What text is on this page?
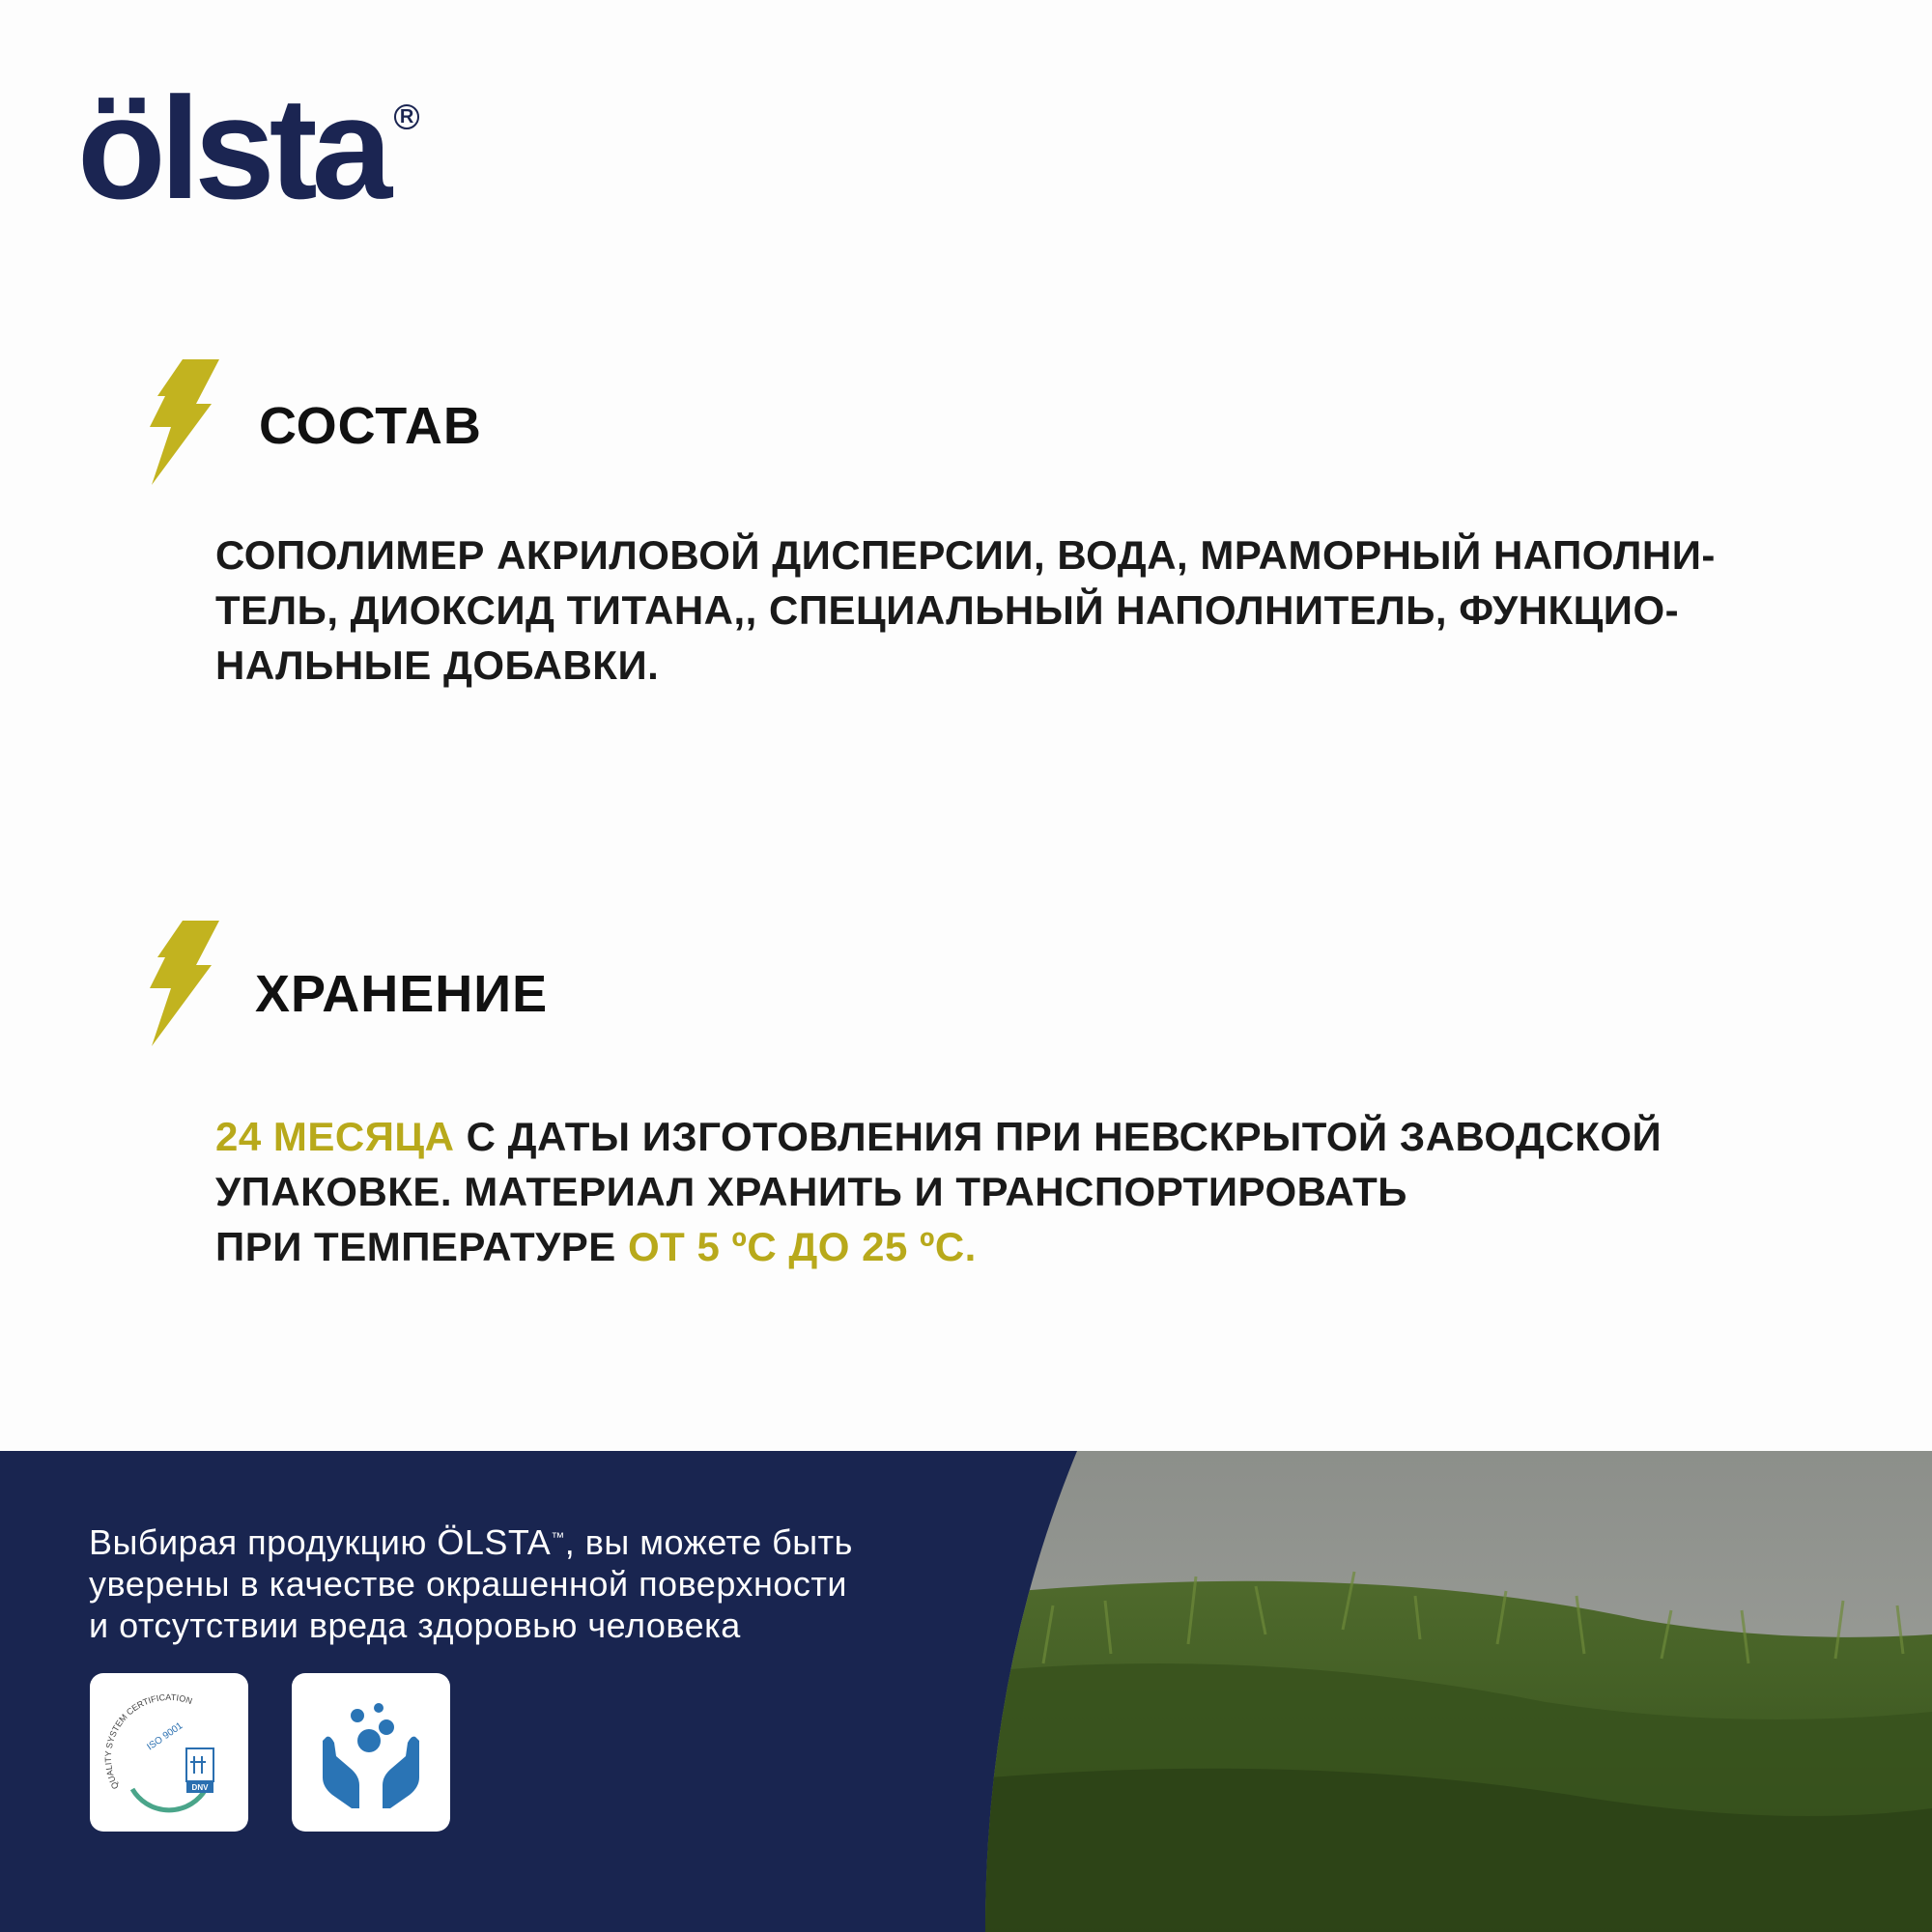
ölsta R
СОСТАВ
СОПОЛИМЕР АКРИЛОВОЙ ДИСПЕРСИИ, ВОДА, МРАМОРНЫЙ НАПОЛНИ-
ТЕЛЬ, ДИОКСИД ТИТАНА,, СПЕЦИАЛЬНЫЙ НАПОЛНИТЕЛЬ, ФУНКЦИО-
НАЛЬНЫЕ ДОБАВКИ.
ХРАНЕНИЕ
24 МЕСЯЦА С ДАТЫ ИЗГОТОВЛЕНИЯ ПРИ НЕВСКРЫТОЙ ЗАВОДСКОЙ
УПАКОВКЕ. МАТЕРИАЛ ХРАНИТЬ И ТРАНСПОРТИРОВАТЬ
ПРИ ТЕМПЕРАТУРЕ ОТ 5 ºС ДО 25 ºС.
Выбирая продукцию ÖLSTA™, вы можете быть
уверены в качестве окрашенной поверхности
и отсутствии вреда здоровью человека
QUALITY SYSTEM CERTIFICATION
ISO 9001
DNV
